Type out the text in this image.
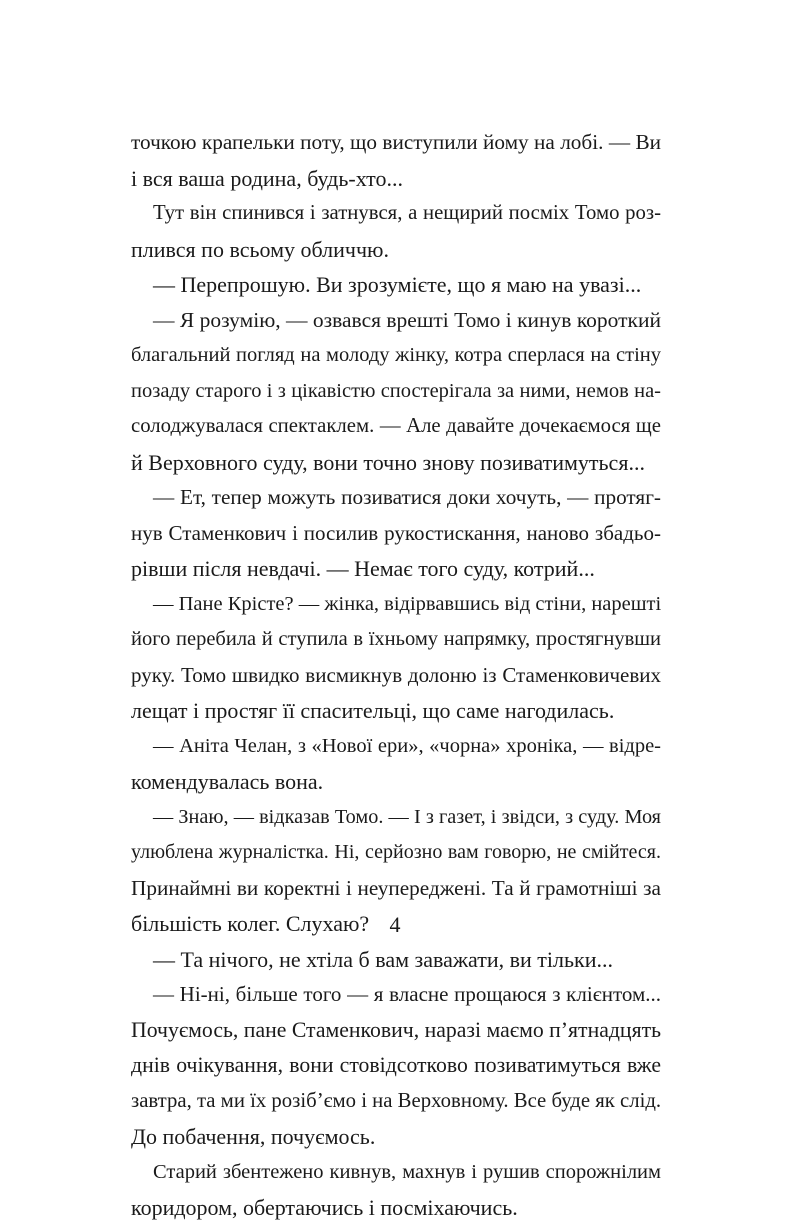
точкою крапельки поту, що виступили йому на лобі. — Ви
і вся ваша родина, будь-хто...
Тут він спинився і затнувся, а нещирий посміх Томо роз-
плився по всьому обличчю.
— Перепрошую. Ви зрозумієте, що я маю на увазі...
— Я розумію, — озвався врешті Томо і кинув короткий
благальний погляд на молоду жінку, котра сперлася на стіну
позаду старого і з цікавістю спостерігала за ними, немов на-
солоджувалася спектаклем. — Але давайте дочекаємося ще
й Верховного суду, вони точно знову позиватимуться...
— Ет, тепер можуть позиватися доки хочуть, — протяг-
нув Стаменкович і посилив рукостискання, наново збадьо-
рівши після невдачі. — Немає того суду, котрий...
— Пане Крісте? — жінка, відірвавшись від стіни, нарешті
його перебила й ступила в їхньому напрямку, простягнувши
руку. Томо швидко висмикнув долоню із Стаменковичевих
лещат і простяг її спасительці, що саме нагодилась.
— Аніта Челан, з «Нової ери», «чорна» хроніка, — відре-
комендувалась вона.
— Знаю, — відказав Томо. — І з газет, і звідси, з суду. Моя
улюблена журналістка. Ні, серйозно вам говорю, не смійтеся.
Принаймні ви коректні і неупереджені. Та й грамотніші за
більшість колег. Слухаю?
— Та нічого, не хтіла б вам заважати, ви тільки...
— Ні-ні, більше того — я власне прощаюся з клієнтом...
Почуємось, пане Стаменкович, наразі маємо п’ятнадцять
днів очікування, вони стовідсотково позиватимуться вже
завтра, та ми їх розіб’ємо і на Верховному. Все буде як слід.
До побачення, почуємось.
Старий збентежено кивнув, махнув і рушив спорожнілим
коридором, обертаючись і посміхаючись.
4
